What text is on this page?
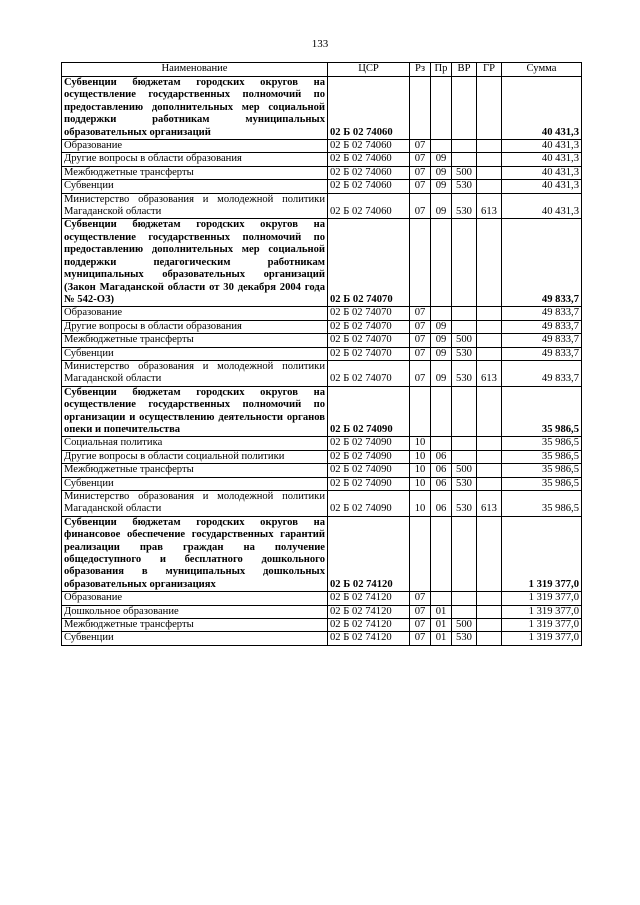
133
Наименование	ЦСР	Рз	Пр	ВР	ГР	Сумма
Субвенции бюджетам городских округов на осуществление государственных полномочий по предоставлению дополнительных мер социальной поддержки работникам муниципальных образовательных организаций	02 Б 02 74060					40 431,3
Образование	02 Б 02 74060	07				40 431,3
Другие вопросы в области образования	02 Б 02 74060	07	09			40 431,3
Межбюджетные трансферты	02 Б 02 74060	07	09	500		40 431,3
Субвенции	02 Б 02 74060	07	09	530		40 431,3
Министерство образования и молодежной политики Магаданской области	02 Б 02 74060	07	09	530	613	40 431,3
Субвенции бюджетам городских округов на осуществление государственных полномочий по предоставлению дополнительных мер социальной поддержки педагогическим работникам муниципальных образовательных организаций (Закон Магаданской области от 30 декабря 2004 года № 542-ОЗ)	02 Б 02 74070					49 833,7
Образование	02 Б 02 74070	07				49 833,7
Другие вопросы в области образования	02 Б 02 74070	07	09			49 833,7
Межбюджетные трансферты	02 Б 02 74070	07	09	500		49 833,7
Субвенции	02 Б 02 74070	07	09	530		49 833,7
Министерство образования и молодежной политики Магаданской области	02 Б 02 74070	07	09	530	613	49 833,7
Субвенции бюджетам городских округов на осуществление государственных полномочий по организации и осуществлению деятельности органов опеки и попечительства	02 Б 02 74090					35 986,5
Социальная политика	02 Б 02 74090	10				35 986,5
Другие вопросы в области социальной политики	02 Б 02 74090	10	06			35 986,5
Межбюджетные трансферты	02 Б 02 74090	10	06	500		35 986,5
Субвенции	02 Б 02 74090	10	06	530		35 986,5
Министерство образования и молодежной политики Магаданской области	02 Б 02 74090	10	06	530	613	35 986,5
Субвенции бюджетам городских округов на финансовое обеспечение государственных гарантий реализации прав граждан на получение общедоступного и бесплатного дошкольного образования в муниципальных дошкольных образовательных организациях	02 Б 02 74120					1 319 377,0
Образование	02 Б 02 74120	07				1 319 377,0
Дошкольное образование	02 Б 02 74120	07	01			1 319 377,0
Межбюджетные трансферты	02 Б 02 74120	07	01	500		1 319 377,0
Субвенции	02 Б 02 74120	07	01	530		1 319 377,0
